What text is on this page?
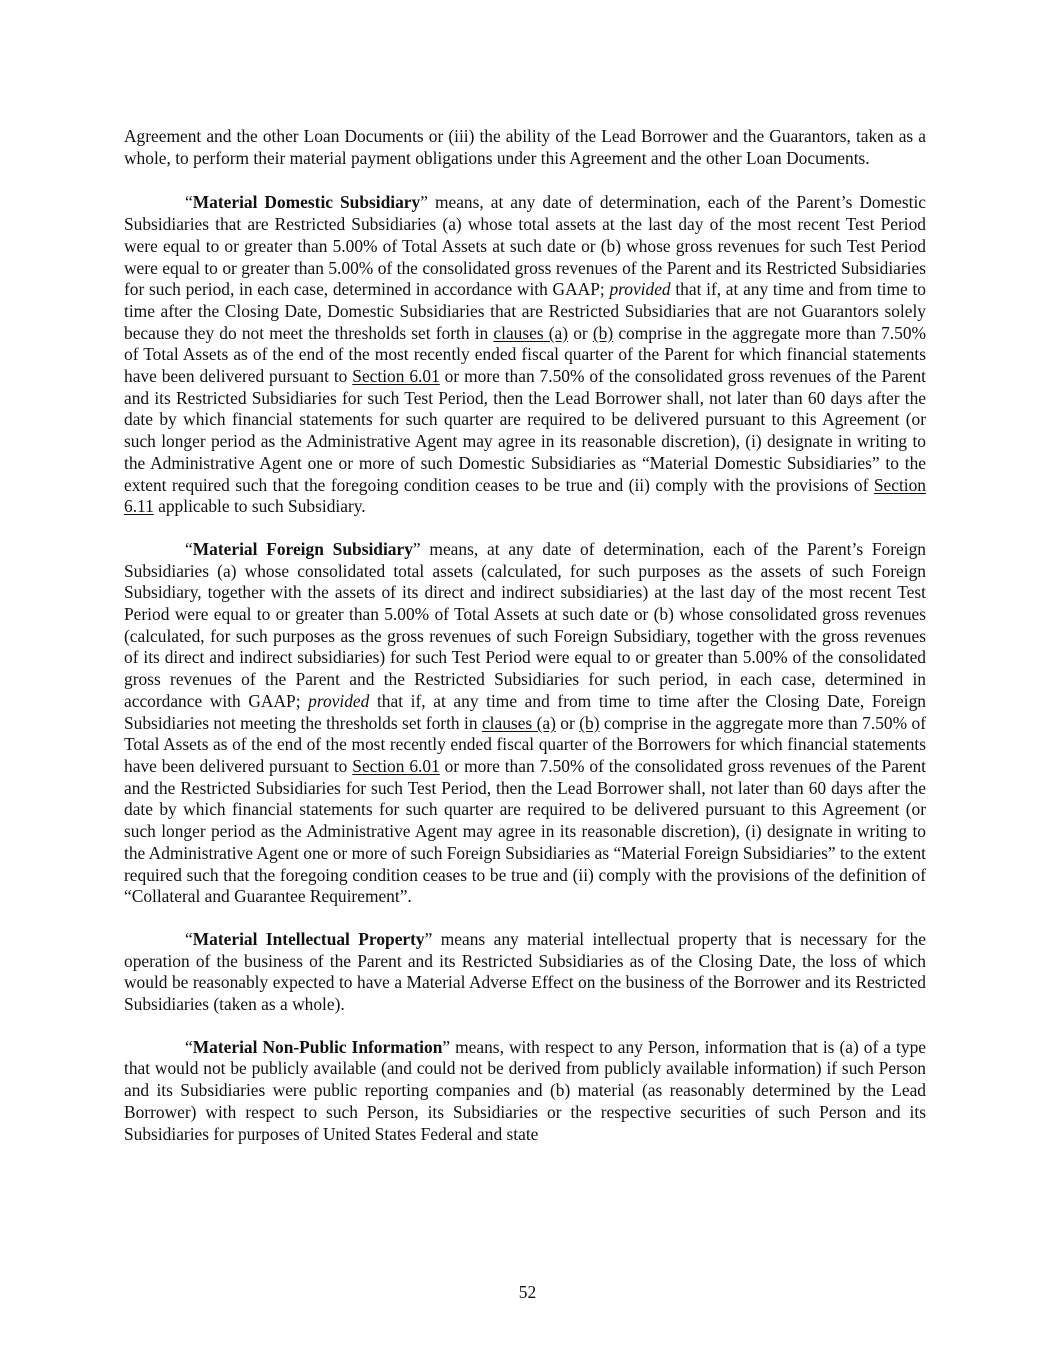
Agreement and the other Loan Documents or (iii) the ability of the Lead Borrower and the Guarantors, taken as a whole, to perform their material payment obligations under this Agreement and the other Loan Documents.

“Material Domestic Subsidiary” means, at any date of determination, each of the Parent’s Domestic Subsidiaries that are Restricted Subsidiaries (a) whose total assets at the last day of the most recent Test Period were equal to or greater than 5.00% of Total Assets at such date or (b) whose gross revenues for such Test Period were equal to or greater than 5.00% of the consolidated gross revenues of the Parent and its Restricted Subsidiaries for such period, in each case, determined in accordance with GAAP; provided that if, at any time and from time to time after the Closing Date, Domestic Subsidiaries that are Restricted Subsidiaries that are not Guarantors solely because they do not meet the thresholds set forth in clauses (a) or (b) comprise in the aggregate more than 7.50% of Total Assets as of the end of the most recently ended fiscal quarter of the Parent for which financial statements have been delivered pursuant to Section 6.01 or more than 7.50% of the consolidated gross revenues of the Parent and its Restricted Subsidiaries for such Test Period, then the Lead Borrower shall, not later than 60 days after the date by which financial statements for such quarter are required to be delivered pursuant to this Agreement (or such longer period as the Administrative Agent may agree in its reasonable discretion), (i) designate in writing to the Administrative Agent one or more of such Domestic Subsidiaries as “Material Domestic Subsidiaries” to the extent required such that the foregoing condition ceases to be true and (ii) comply with the provisions of Section 6.11 applicable to such Subsidiary.

“Material Foreign Subsidiary” means, at any date of determination, each of the Parent’s Foreign Subsidiaries (a) whose consolidated total assets (calculated, for such purposes as the assets of such Foreign Subsidiary, together with the assets of its direct and indirect subsidiaries) at the last day of the most recent Test Period were equal to or greater than 5.00% of Total Assets at such date or (b) whose consolidated gross revenues (calculated, for such purposes as the gross revenues of such Foreign Subsidiary, together with the gross revenues of its direct and indirect subsidiaries) for such Test Period were equal to or greater than 5.00% of the consolidated gross revenues of the Parent and the Restricted Subsidiaries for such period, in each case, determined in accordance with GAAP; provided that if, at any time and from time to time after the Closing Date, Foreign Subsidiaries not meeting the thresholds set forth in clauses (a) or (b) comprise in the aggregate more than 7.50% of Total Assets as of the end of the most recently ended fiscal quarter of the Borrowers for which financial statements have been delivered pursuant to Section 6.01 or more than 7.50% of the consolidated gross revenues of the Parent and the Restricted Subsidiaries for such Test Period, then the Lead Borrower shall, not later than 60 days after the date by which financial statements for such quarter are required to be delivered pursuant to this Agreement (or such longer period as the Administrative Agent may agree in its reasonable discretion), (i) designate in writing to the Administrative Agent one or more of such Foreign Subsidiaries as “Material Foreign Subsidiaries” to the extent required such that the foregoing condition ceases to be true and (ii) comply with the provisions of the definition of “Collateral and Guarantee Requirement”.

“Material Intellectual Property” means any material intellectual property that is necessary for the operation of the business of the Parent and its Restricted Subsidiaries as of the Closing Date, the loss of which would be reasonably expected to have a Material Adverse Effect on the business of the Borrower and its Restricted Subsidiaries (taken as a whole).

“Material Non-Public Information” means, with respect to any Person, information that is (a) of a type that would not be publicly available (and could not be derived from publicly available information) if such Person and its Subsidiaries were public reporting companies and (b) material (as reasonably determined by the Lead Borrower) with respect to such Person, its Subsidiaries or the respective securities of such Person and its Subsidiaries for purposes of United States Federal and state

52
